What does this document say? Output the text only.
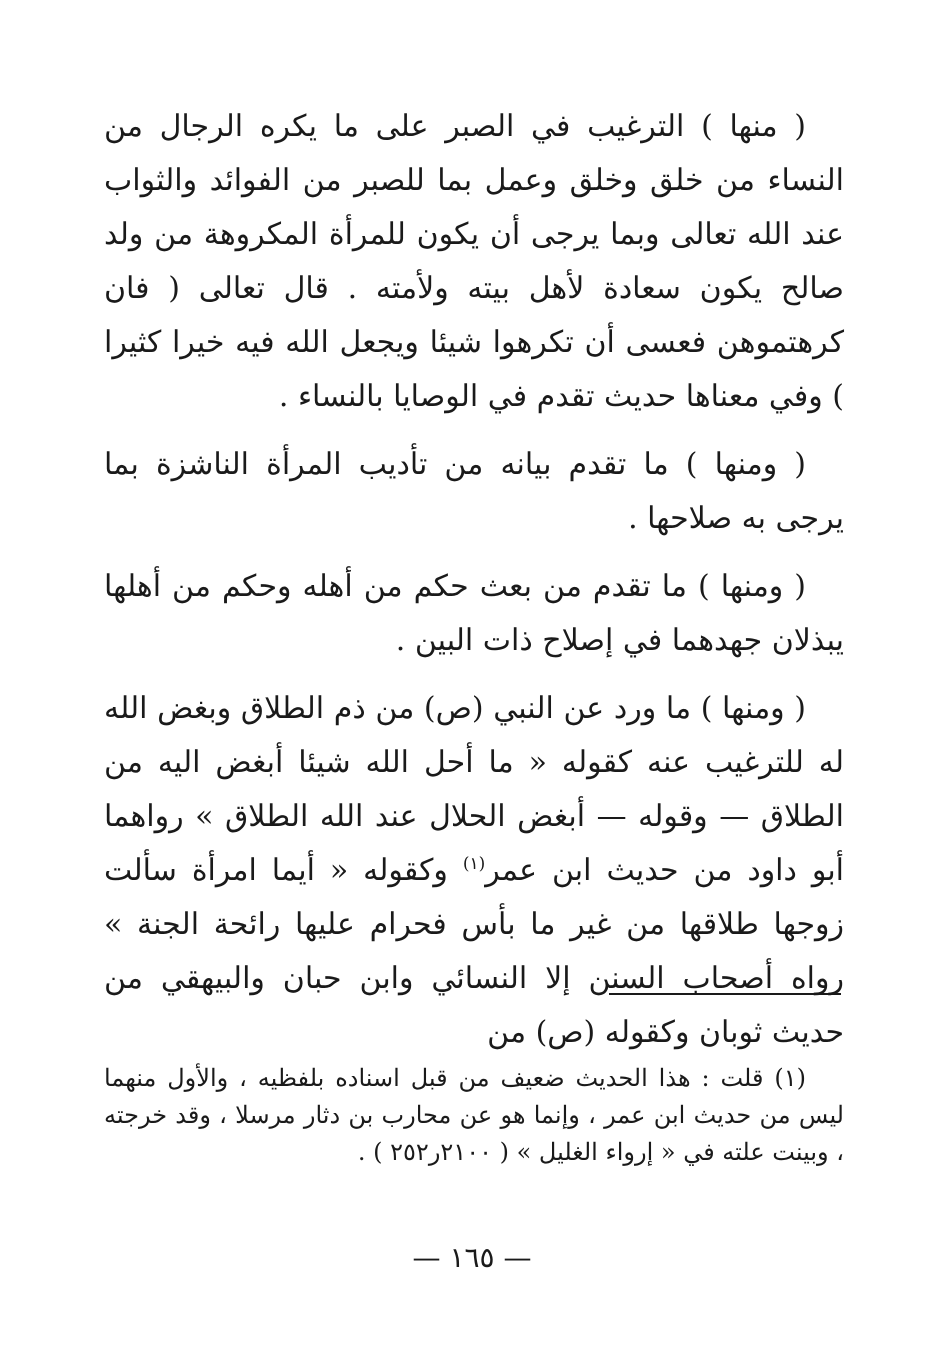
( منها ) الترغيب في الصبر على ما يكره الرجال من النساء من خلق وخلق وعمل بما للصبر من الفوائد والثواب عند الله تعالى وبما يرجى أن يكون للمرأة المكروهة من ولد صالح يكون سعادة لأهل بيته ولأمته . قال تعالى ( فان كرهتموهن فعسى أن تكرهوا شيئا ويجعل الله فيه خيرا كثيرا ) وفي معناها حديث تقدم في الوصايا بالنساء .

( ومنها ) ما تقدم بيانه من تأديب المرأة الناشزة بما يرجى به صلاحها .

( ومنها ) ما تقدم من بعث حكم من أهله وحكم من أهلها يبذلان جهدهما في إصلاح ذات البين .

( ومنها ) ما ورد عن النبي (ص) من ذم الطلاق وبغض الله له للترغيب عنه كقوله « ما أحل الله شيئا أبغض اليه من الطلاق — وقوله — أبغض الحلال عند الله الطلاق » رواهما أبو داود من حديث ابن عمر$^{(١)}$ وكقوله « أيما امرأة سألت زوجها طلاقها من غير ما بأس فحرام عليها رائحة الجنة » رواه أصحاب السنن إلا النسائي وابن حبان والبيهقي من حديث ثوبان وكقوله (ص) من

(١) قلت : هذا الحديث ضعيف من قبل اسناده بلفظيه ، والأول منهما ليس من حديث ابن عمر ، وإنما هو عن محارب بن دثار مرسلا ، وقد خرجته ، وبينت علته في « إرواء الغليل » ( ٢١٠٠ر٢٥٢ ) .

— ١٦٥ —
